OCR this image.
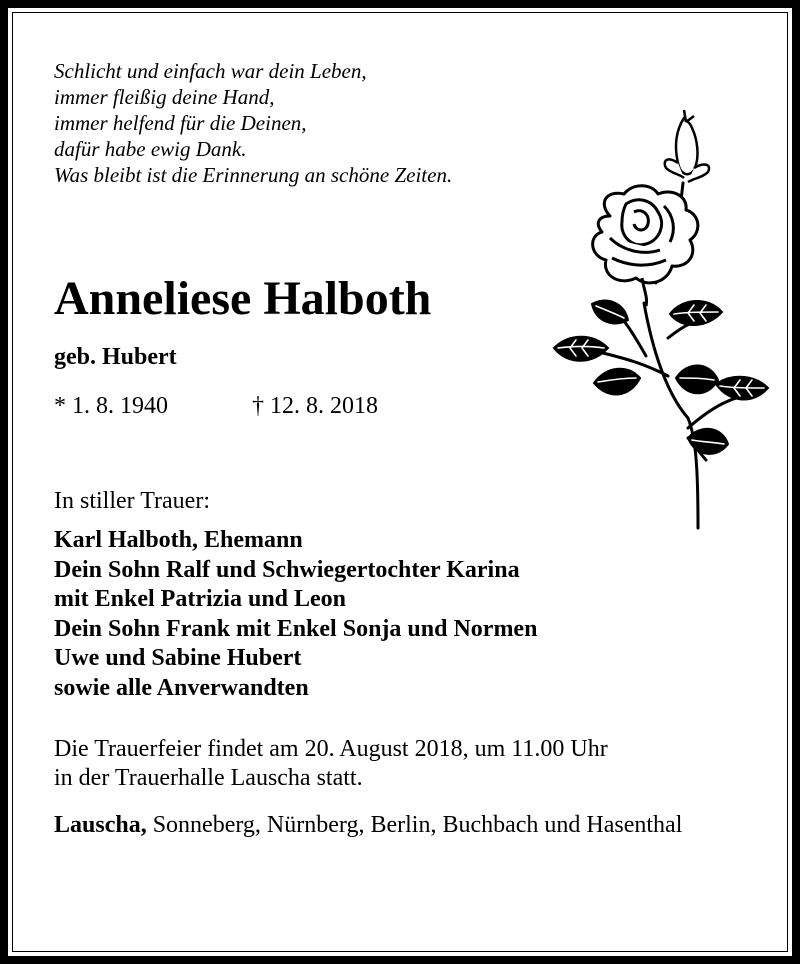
Schlicht und einfach war dein Leben,
immer fleißig deine Hand,
immer helfend für die Deinen,
dafür habe ewig Dank.
Was bleibt ist die Erinnerung an schöne Zeiten.
Anneliese Halboth
geb. Hubert
* 1. 8. 1940	† 12. 8. 2018
In stiller Trauer:
Karl Halboth, Ehemann
Dein Sohn Ralf und Schwiegertochter Karina
mit Enkel Patrizia und Leon
Dein Sohn Frank mit Enkel Sonja und Normen
Uwe und Sabine Hubert
sowie alle Anverwandten
Die Trauerfeier findet am 20. August 2018, um 11.00 Uhr
in der Trauerhalle Lauscha statt.
Lauscha, Sonneberg, Nürnberg, Berlin, Buchbach und Hasenthal
